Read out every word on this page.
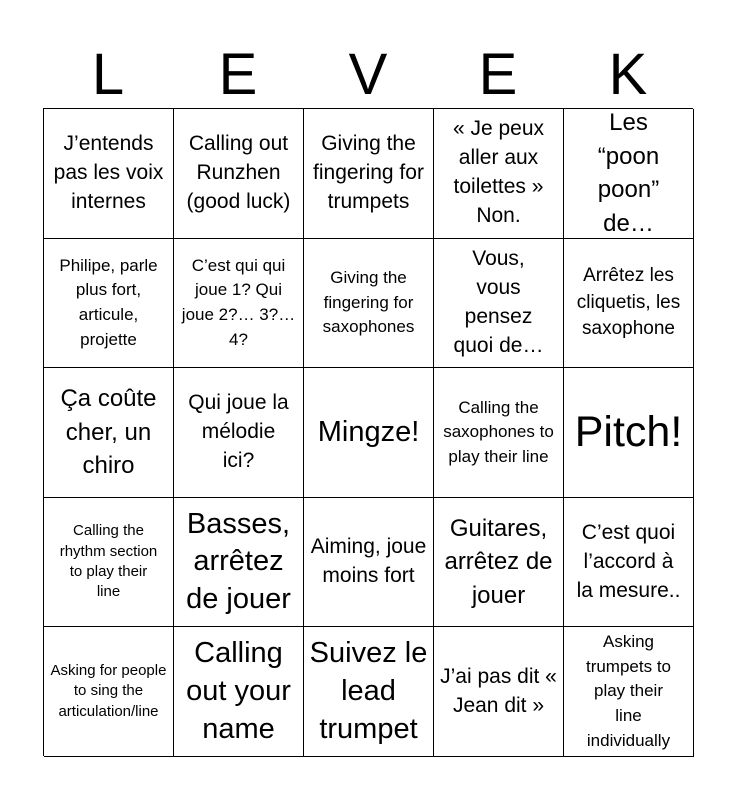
L	E	V	E	K
J’entends pas les voix internes
Calling out Runzhen (good luck)
Giving the fingering for trumpets
« Je peux aller aux toilettes » Non.
Les “poon poon” de…
Philipe, parle plus fort, articule, projette
C’est qui qui joue 1? Qui joue 2?… 3?… 4?
Giving the fingering for saxophones
Vous, vous pensez quoi de…
Arrêtez les cliquetis, les saxophone
Ça coûte cher, un chiro
Qui joue la mélodie ici?
Mingze!
Calling the saxophones to play their line
Pitch!
Calling the rhythm section to play their line
Basses, arrêtez de jouer
Aiming, joue moins fort
Guitares, arrêtez de jouer
C’est quoi l’accord à la mesure..
Asking for people to sing the articulation/line
Calling out your name
Suivez le lead trumpet
J’ai pas dit « Jean dit »
Asking trumpets to play their line individually
